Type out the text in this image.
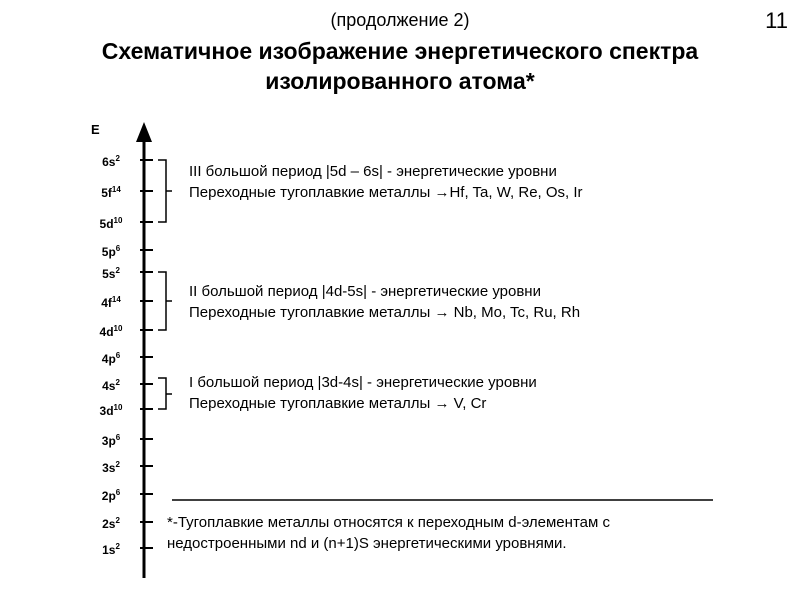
11
(продолжение 2)
Схематичное изображение энергетического спектра
изолированного атома*
E
$6s^2$
$5f^{14}$
$5d^{10}$
$5p^6$
$5s^2$
$4f^{14}$
$4d^{10}$
$4p^6$
$4s^2$
$3d^{10}$
$3p^6$
$3s^2$
$2p^6$
$2s^2$
$1s^2$
III большой период |5d – 6s| - энергетические уровни
Переходные тугоплавкие металлы →Hf, Ta, W, Re, Os, Ir
II большой период |4d-5s| - энергетические уровни
Переходные тугоплавкие металлы → Nb, Mo, Tc, Ru, Rh
I большой период |3d-4s| - энергетические уровни
Переходные тугоплавкие металлы → V, Cr
*-Тугоплавкие металлы относятся к переходным d-элементам с
недостроенными nd и (n+1)S энергетическими уровнями.
